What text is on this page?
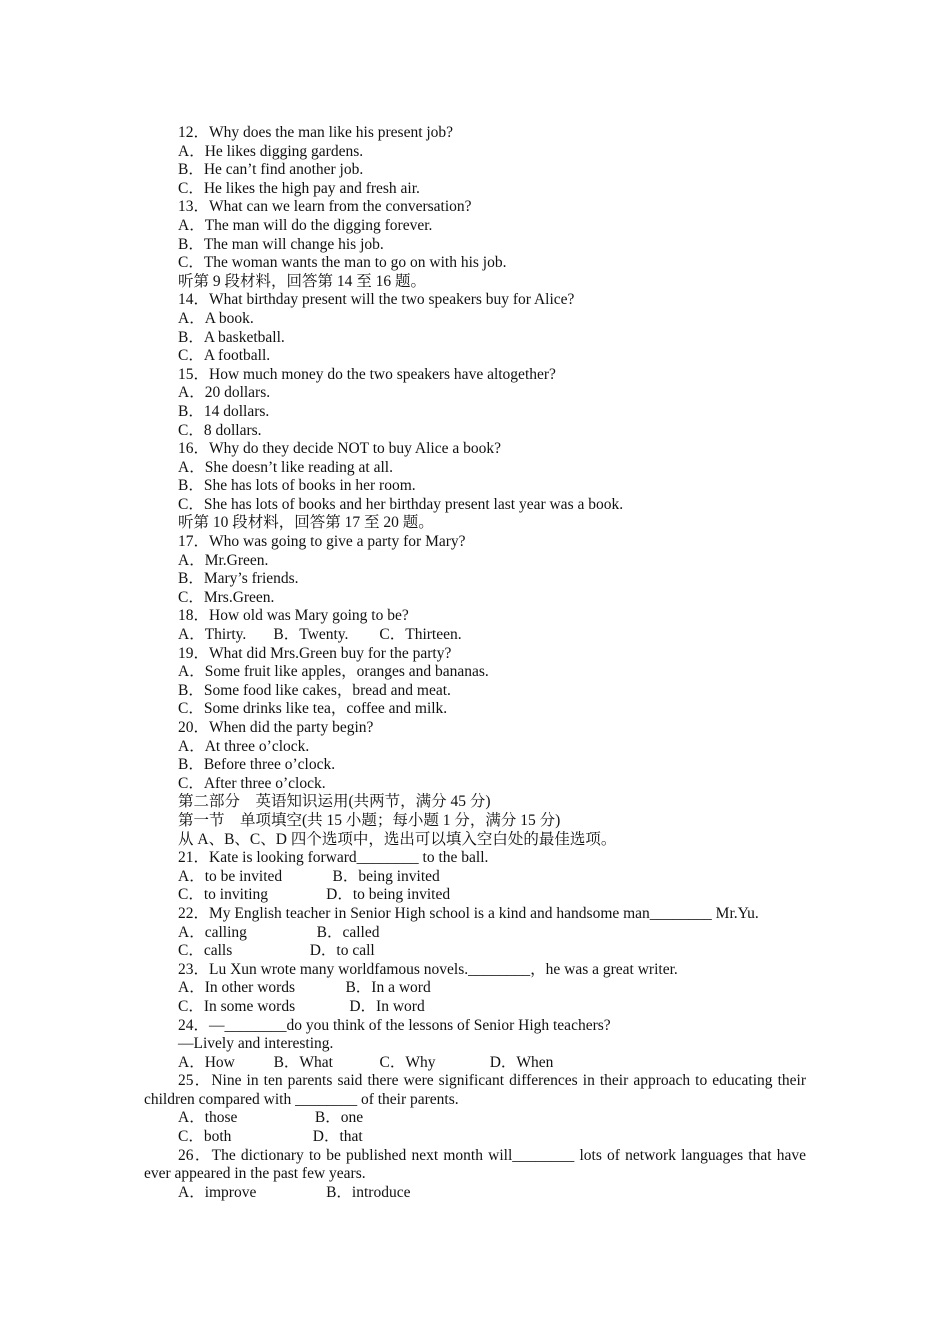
12．Why does the man like his present job?

A．He likes digging gardens.

B．He can’t find another job.

C．He likes the high pay and fresh air.

13．What can we learn from the conversation?

A．The man will do the digging forever.

B．The man will change his job.

C．The woman wants the man to go on with his job.

听第 9 段材料，回答第 14 至 16 题。

14．What birthday present will the two speakers buy for Alice?

A．A book.

B．A basketball.

C．A football.

15．How much money do the two speakers have altogether?

A．20 dollars.

B．14 dollars.

C．8 dollars.

16．Why do they decide NOT to buy Alice a book?

A．She doesn’t like reading at all.

B．She has lots of books in her room.

C．She has lots of books and her birthday present last year was a book.

听第 10 段材料，回答第 17 至 20 题。

17．Who was going to give a party for Mary?

A．Mr.Green.

B．Mary’s friends.

C．Mrs.Green.

18．How old was Mary going to be?

A．Thirty.       B．Twenty.        C．Thirteen.

19．What did Mrs.Green buy for the party?

A．Some fruit like apples，oranges and bananas.

B．Some food like cakes，bread and meat.

C．Some drinks like tea，coffee and milk.

20．When did the party begin?

A．At three o’clock.

B．Before three o’clock.

C．After three o’clock.

第二部分　英语知识运用(共两节，满分 45 分)

第一节　单项填空(共 15 小题；每小题 1 分，满分 15 分)

从 A、B、C、D 四个选项中，选出可以填入空白处的最佳选项。

21．Kate is looking forward________ to the ball.

A．to be invited             B．being invited

C．to inviting               D．to being invited

22．My English teacher in Senior High school is a kind and handsome man________ Mr.Yu.

A．calling                  B．called

C．calls                    D．to call

23．Lu Xun wrote many worldfamous novels.________，he was a great writer.

A．In other words             B．In a word

C．In some words              D．In word

24．—________do you think of the lessons of Senior High teachers?

—Lively and interesting.

A．How          B．What            C．Why              D．When

25．Nine in ten parents said there were significant differences in their approach to educating their children compared with ________ of their parents.

A．those                    B．one

C．both                     D．that

26．The dictionary to be published next month will________ lots of network languages that have ever appeared in the past few years.

A．improve                  B．introduce
